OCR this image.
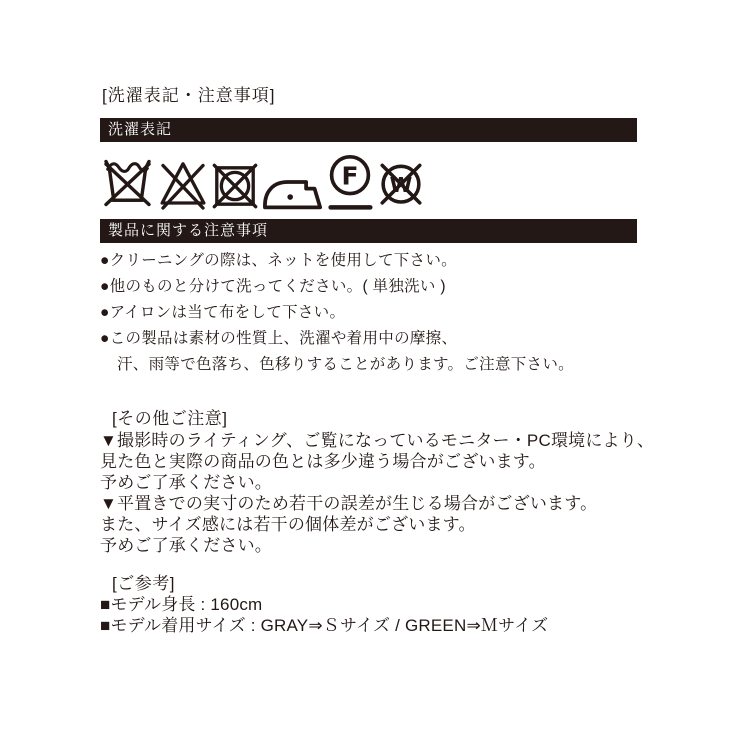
[洗濯表記・注意事項]
洗濯表記
F W
製品に関する注意事項
●クリーニングの際は、ネットを使用して下さい。
●他のものと分けて洗ってください。( 単独洗い )
●アイロンは当て布をして下さい。
●この製品は素材の性質上、洗濯や着用中の摩擦、
汗、雨等で色落ち、色移りすることがあります。ご注意下さい。
[その他ご注意]
▼撮影時のライティング、ご覧になっているモニター・PC環境により、
見た色と実際の商品の色とは多少違う場合がございます。
予めご了承ください。
▼平置きでの実寸のため若干の誤差が生じる場合がございます。
また、サイズ感には若干の個体差がございます。
予めご了承ください。
[ご参考]
■モデル身長 : 160cm
■モデル着用サイズ : GRAY⇒Ｓサイズ / GREEN⇒Ｍサイズ
